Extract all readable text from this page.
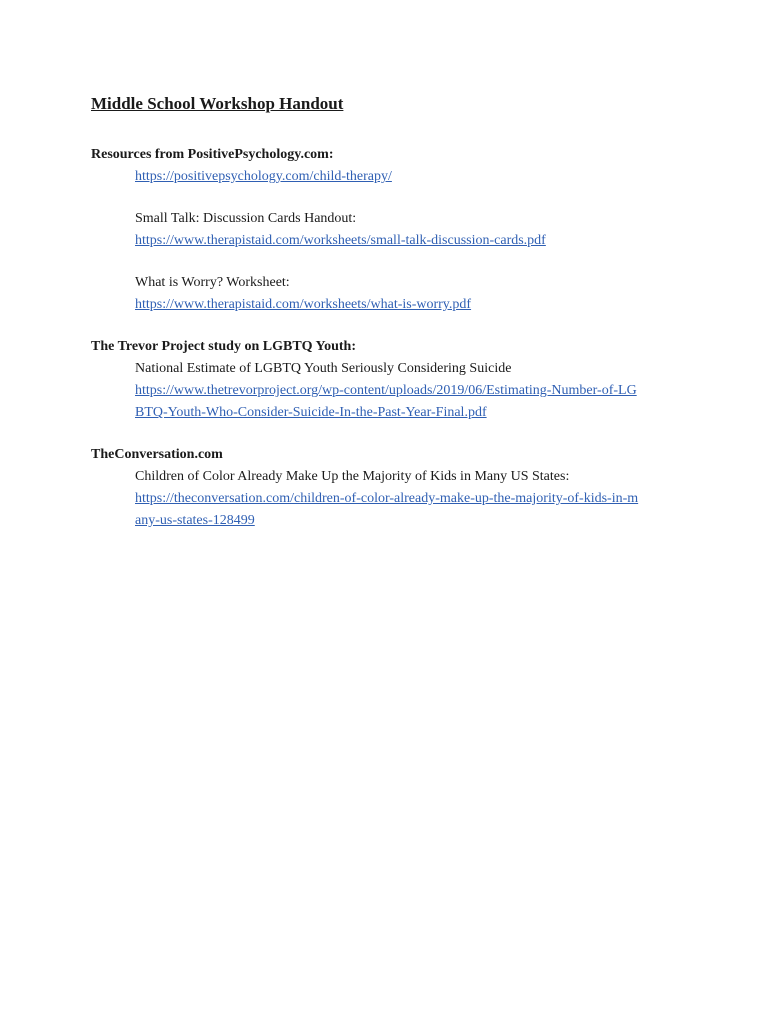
Middle School Workshop Handout
Resources from PositivePsychology.com:
https://positivepsychology.com/child-therapy/
Small Talk: Discussion Cards Handout:
https://www.therapistaid.com/worksheets/small-talk-discussion-cards.pdf
What is Worry? Worksheet:
https://www.therapistaid.com/worksheets/what-is-worry.pdf
The Trevor Project study on LGBTQ Youth:
National Estimate of LGBTQ Youth Seriously Considering Suicide
https://www.thetrevorproject.org/wp-content/uploads/2019/06/Estimating-Number-of-LG
BTQ-Youth-Who-Consider-Suicide-In-the-Past-Year-Final.pdf
TheConversation.com
Children of Color Already Make Up the Majority of Kids in Many US States:
https://theconversation.com/children-of-color-already-make-up-the-majority-of-kids-in-m
any-us-states-128499
